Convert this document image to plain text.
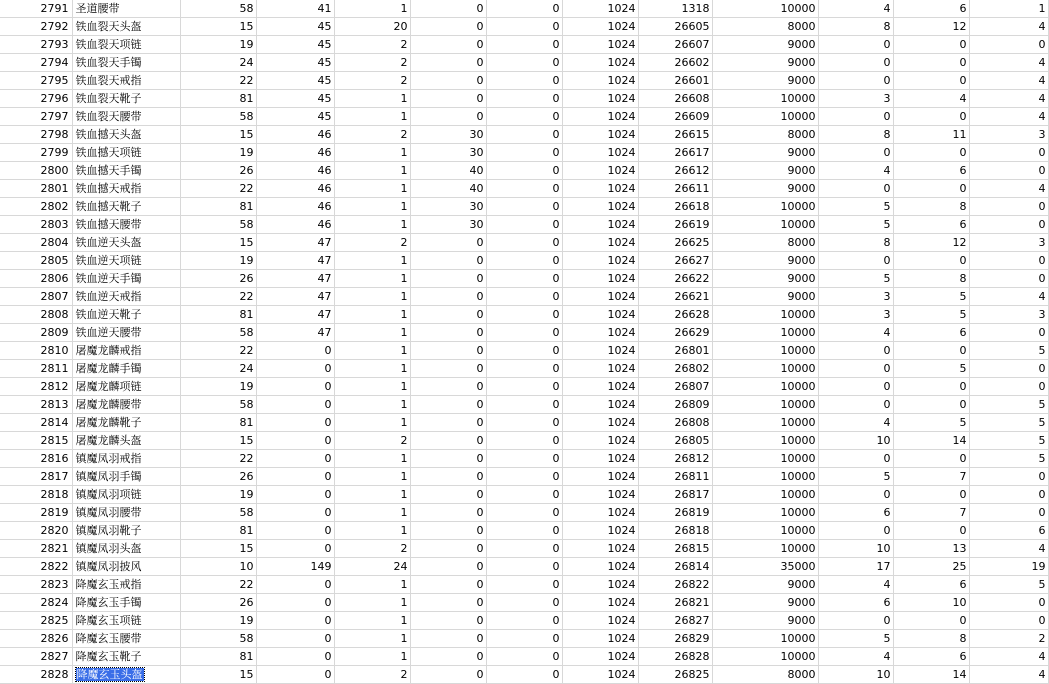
2791	圣道腰带	58	41	1	0	0	1024	1318	10000	4	6	1
2792	铁血裂天头盔	15	45	20	0	0	1024	26605	8000	8	12	4
2793	铁血裂天项链	19	45	2	0	0	1024	26607	9000	0	0	0
2794	铁血裂天手镯	24	45	2	0	0	1024	26602	9000	0	0	4
2795	铁血裂天戒指	22	45	2	0	0	1024	26601	9000	0	0	4
2796	铁血裂天靴子	81	45	1	0	0	1024	26608	10000	3	4	4
2797	铁血裂天腰带	58	45	1	0	0	1024	26609	10000	0	0	4
2798	铁血撼天头盔	15	46	2	30	0	1024	26615	8000	8	11	3
2799	铁血撼天项链	19	46	1	30	0	1024	26617	9000	0	0	0
2800	铁血撼天手镯	26	46	1	40	0	1024	26612	9000	4	6	0
2801	铁血撼天戒指	22	46	1	40	0	1024	26611	9000	0	0	4
2802	铁血撼天靴子	81	46	1	30	0	1024	26618	10000	5	8	0
2803	铁血撼天腰带	58	46	1	30	0	1024	26619	10000	5	6	0
2804	铁血逆天头盔	15	47	2	0	0	1024	26625	8000	8	12	3
2805	铁血逆天项链	19	47	1	0	0	1024	26627	9000	0	0	0
2806	铁血逆天手镯	26	47	1	0	0	1024	26622	9000	5	8	0
2807	铁血逆天戒指	22	47	1	0	0	1024	26621	9000	3	5	4
2808	铁血逆天靴子	81	47	1	0	0	1024	26628	10000	3	5	3
2809	铁血逆天腰带	58	47	1	0	0	1024	26629	10000	4	6	0
2810	屠魔龙麟戒指	22	0	1	0	0	1024	26801	10000	0	0	5
2811	屠魔龙麟手镯	24	0	1	0	0	1024	26802	10000	0	5	0
2812	屠魔龙麟项链	19	0	1	0	0	1024	26807	10000	0	0	0
2813	屠魔龙麟腰带	58	0	1	0	0	1024	26809	10000	0	0	5
2814	屠魔龙麟靴子	81	0	1	0	0	1024	26808	10000	4	5	5
2815	屠魔龙麟头盔	15	0	2	0	0	1024	26805	10000	10	14	5
2816	镇魔凤羽戒指	22	0	1	0	0	1024	26812	10000	0	0	5
2817	镇魔凤羽手镯	26	0	1	0	0	1024	26811	10000	5	7	0
2818	镇魔凤羽项链	19	0	1	0	0	1024	26817	10000	0	0	0
2819	镇魔凤羽腰带	58	0	1	0	0	1024	26819	10000	6	7	0
2820	镇魔凤羽靴子	81	0	1	0	0	1024	26818	10000	0	0	6
2821	镇魔凤羽头盔	15	0	2	0	0	1024	26815	10000	10	13	4
2822	镇魔凤羽披风	10	149	24	0	0	1024	26814	35000	17	25	19
2823	降魔玄玉戒指	22	0	1	0	0	1024	26822	9000	4	6	5
2824	降魔玄玉手镯	26	0	1	0	0	1024	26821	9000	6	10	0
2825	降魔玄玉项链	19	0	1	0	0	1024	26827	9000	0	0	0
2826	降魔玄玉腰带	58	0	1	0	0	1024	26829	10000	5	8	2
2827	降魔玄玉靴子	81	0	1	0	0	1024	26828	10000	4	6	4
2828	降魔玄玉头盔	15	0	2	0	0	1024	26825	8000	10	14	4
